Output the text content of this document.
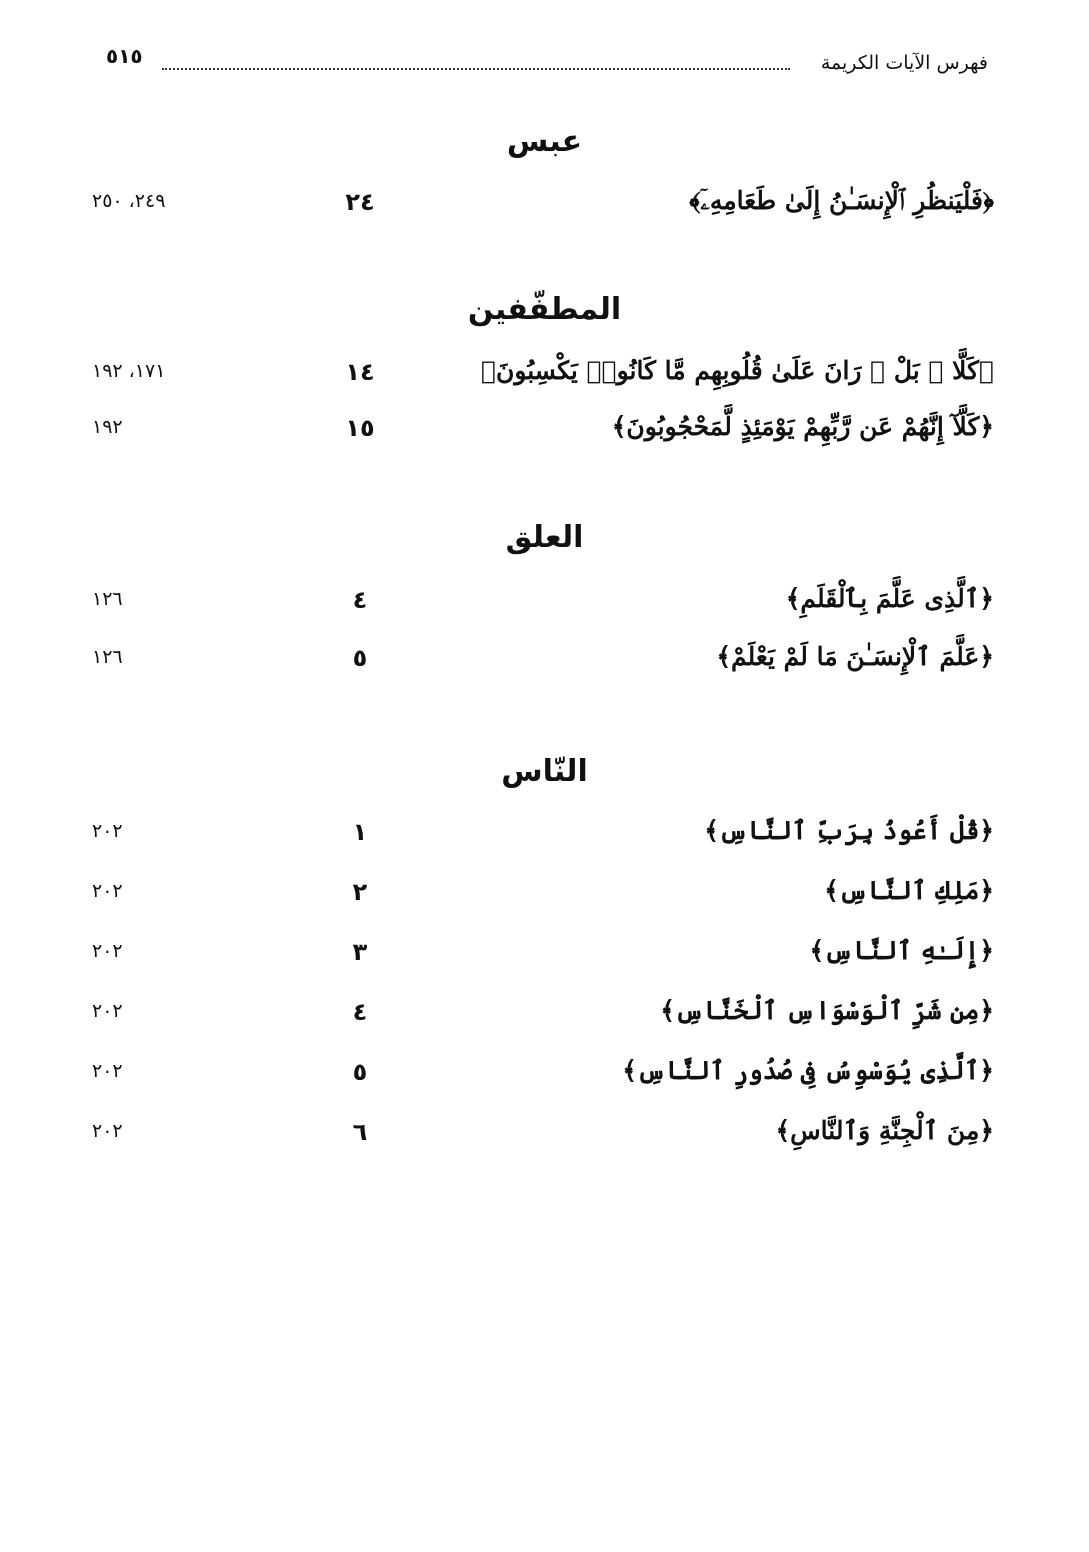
فهرس الآيات الكريمة
٥١٥
عبس
﴿فَلْيَنظُرِ ٱلْإِنسَـٰنُ إِلَىٰ طَعَامِهِۦٓ﴾
٢٤
٢٤٩، ٢٥٠
المطفّفين
﴿كَلَّا ۖ بَلْ ۜ رَانَ عَلَىٰ قُلُوبِهِم مَّا كَانُوا۟ يَكْسِبُونَ﴾
١٤
١٧١، ١٩٢
﴿كَلَّآ إِنَّهُمْ عَن رَّبِّهِمْ يَوْمَئِذٍ لَّمَحْجُوبُونَ﴾
١٥
١٩٢
العلق
﴿ٱلَّذِى عَلَّمَ بِٱلْقَلَمِ﴾
٤
١٢٦
﴿عَلَّمَ ٱلْإِنسَـٰنَ مَا لَمْ يَعْلَمْ﴾
٥
١٢٦
النّاس
﴿قُلْ أَعُوذُ بِرَبِّ ٱلنَّاسِ﴾
١
٢٠٢
﴿مَلِكِ ٱلنَّاسِ﴾
٢
٢٠٢
﴿إِلَـٰهِ ٱلنَّاسِ﴾
٣
٢٠٢
﴿مِن شَرِّ ٱلْوَسْوَاسِ ٱلْخَنَّاسِ﴾
٤
٢٠٢
﴿ٱلَّذِى يُوَسْوِسُ فِى صُدُورِ ٱلنَّاسِ﴾
٥
٢٠٢
﴿مِنَ ٱلْجِنَّةِ وَٱلنَّاسِ﴾
٦
٢٠٢
